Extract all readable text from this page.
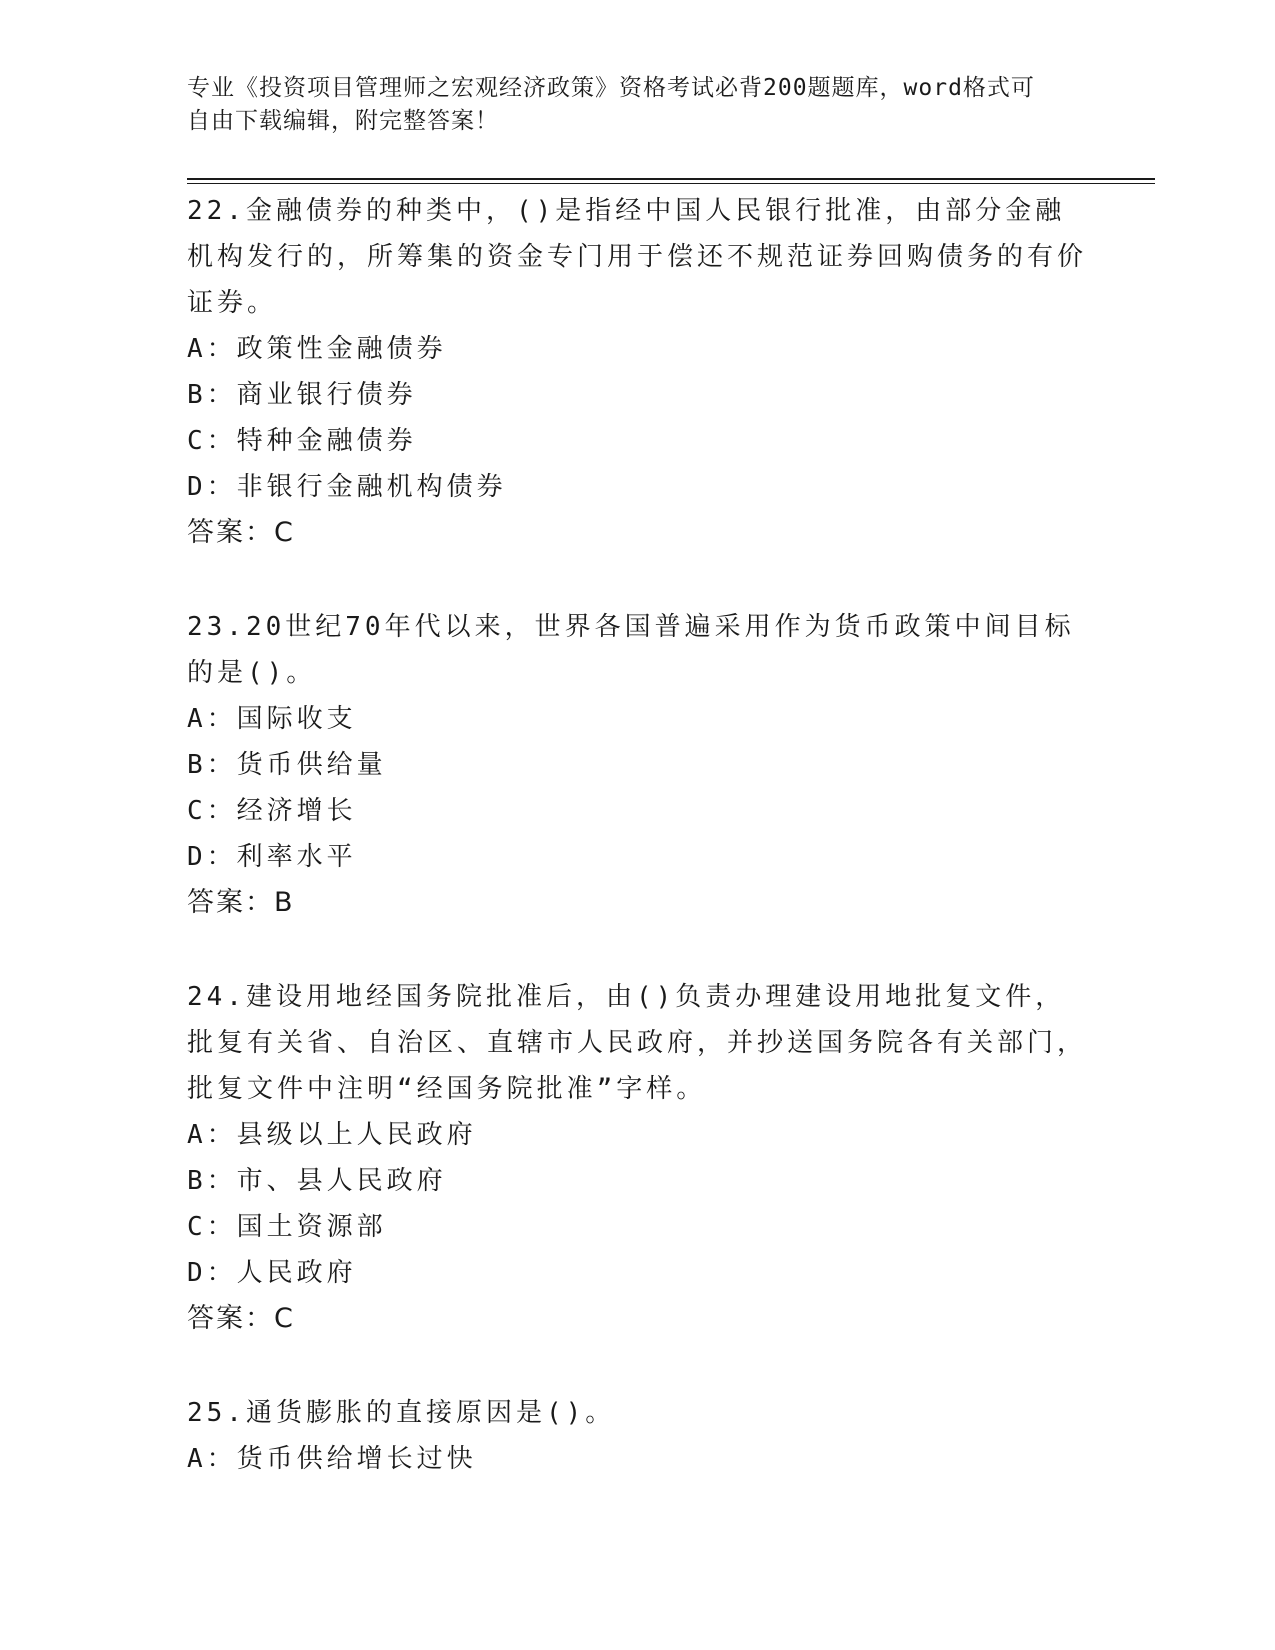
专业《投资项目管理师之宏观经济政策》资格考试必背200题题库，word格式可
自由下载编辑，附完整答案！

22.金融债券的种类中，()是指经中国人民银行批准，由部分金融机构发行的，所筹集的资金专门用于偿还不规范证券回购债务的有价证券。

A：政策性金融债券
B：商业银行债券
C：特种金融债券
D：非银行金融机构债券
答案：C

23.20世纪70年代以来，世界各国普遍采用作为货币政策中间目标的是()。

A：国际收支
B：货币供给量
C：经济增长
D：利率水平
答案：B

24.建设用地经国务院批准后，由()负责办理建设用地批复文件，批复有关省、自治区、直辖市人民政府，并抄送国务院各有关部门，批复文件中注明“经国务院批准”字样。

A：县级以上人民政府
B：市、县人民政府
C：国土资源部
D：人民政府
答案：C

25.通货膨胀的直接原因是()。

A：货币供给增长过快
